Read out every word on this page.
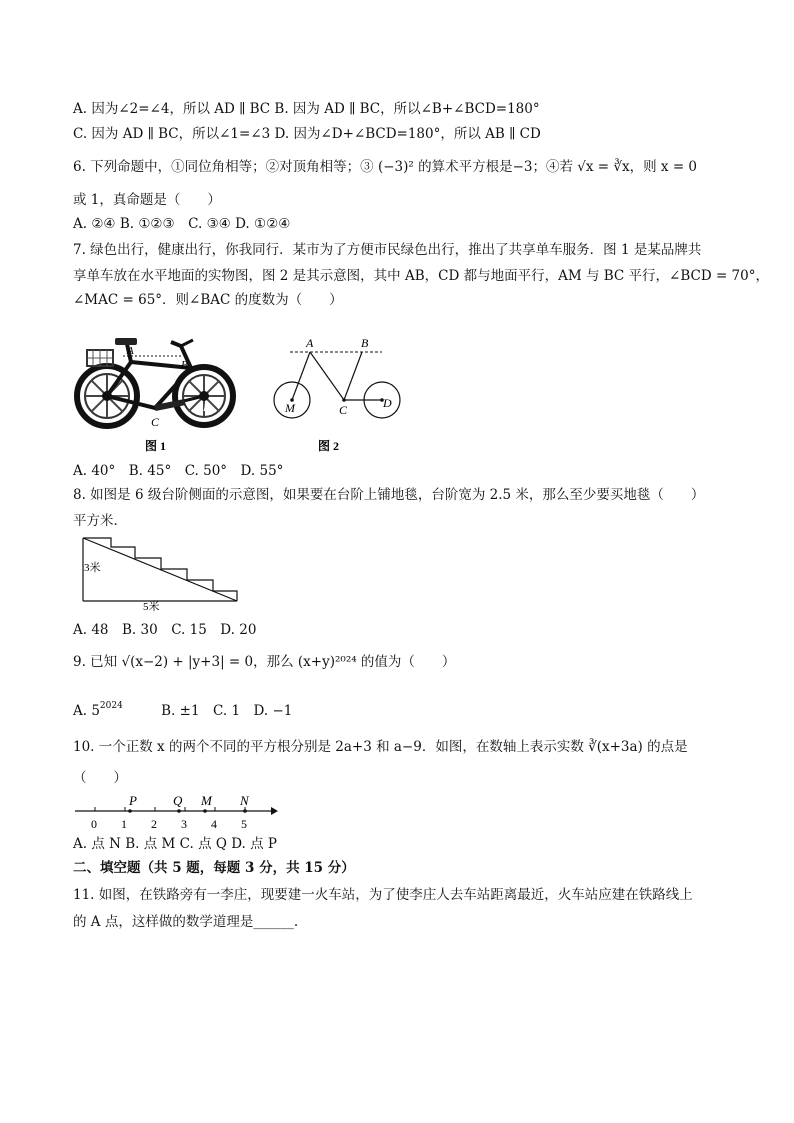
A. 因为∠2=∠4，所以 AD ∥ BC B. 因为 AD ∥ BC，所以∠B+∠BCD=180°
C. 因为 AD ∥ BC，所以∠1=∠3 D. 因为∠D+∠BCD=180°，所以 AB ∥ CD
6. 下列命题中，①同位角相等；②对顶角相等；③ (−3)² 的算术平方根是−3；④若 √x = ∛x，则 x = 0
或 1，真命题是（　　）
A. ②④ B. ①②③　C. ③④ D. ①②④
7. 绿色出行，健康出行，你我同行．某市为了方便市民绿色出行，推出了共享单车服务．图 1 是某品牌共
享单车放在水平地面的实物图，图 2 是其示意图，其中 AB，CD 都与地面平行，AM 与 BC 平行，∠BCD = 70°，
∠MAC = 65°．则∠BAC 的度数为（　　）
A
B
C
D
图 1
A	B
C
M	D
图 2
A. 40°　B. 45°　C. 50°　D. 55°
8. 如图是 6 级台阶侧面的示意图，如果要在台阶上铺地毯，台阶宽为 2.5 米，那么至少要买地毯（　　）
平方米．
3米
5米
A. 48　B. 30　C. 15　D. 20
9. 已知 √(x−2) + |y+3| = 0，那么 (x+y)²⁰²⁴ 的值为（　　）
A. $5^{2024}$	B. ±1　C. 1　D. −1
10. 一个正数 x 的两个不同的平方根分别是 2a+3 和 a−9．如图，在数轴上表示实数 ∛(x+3a) 的点是
（　　）
0 1 2 3 4 5
P	Q M N
A. 点 N B. 点 M C. 点 Q D. 点 P
二、填空题（共 5 题，每题 3 分，共 15 分）
11. 如图，在铁路旁有一李庄，现要建一火车站，为了使李庄人去车站距离最近，火车站应建在铁路线上
的 A 点，这样做的数学道理是______.
